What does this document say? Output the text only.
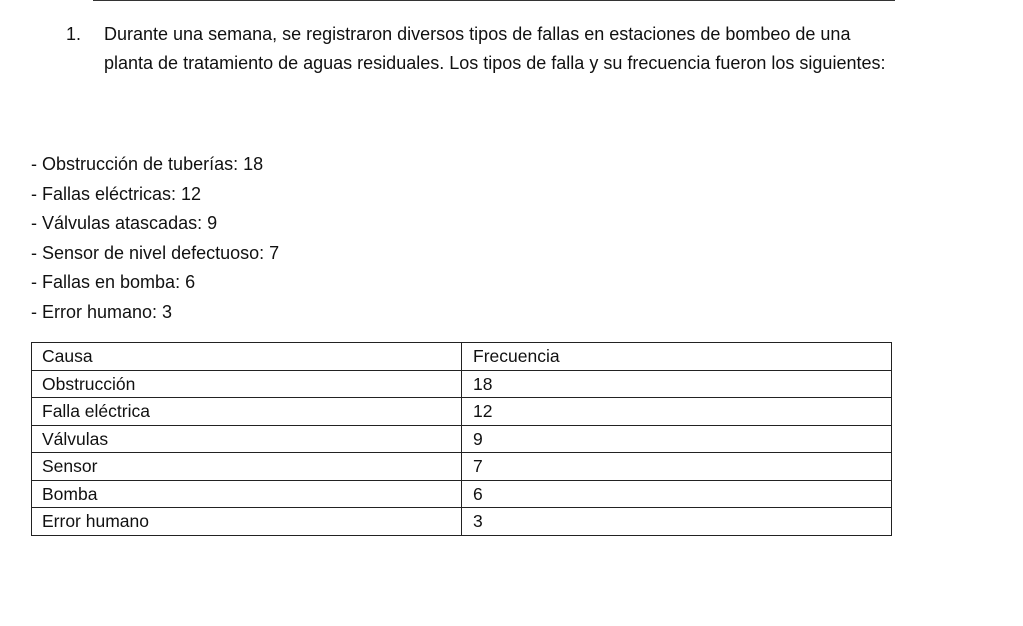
1. Durante una semana, se registraron diversos tipos de fallas en estaciones de bombeo de una planta de tratamiento de aguas residuales. Los tipos de falla y su frecuencia fueron los siguientes:
- Obstrucción de tuberías: 18
- Fallas eléctricas: 12
- Válvulas atascadas: 9
- Sensor de nivel defectuoso: 7
- Fallas en bomba: 6
- Error humano: 3
Causa	Frecuencia
Obstrucción	18
Falla eléctrica	12
Válvulas	9
Sensor	7
Bomba	6
Error humano	3
